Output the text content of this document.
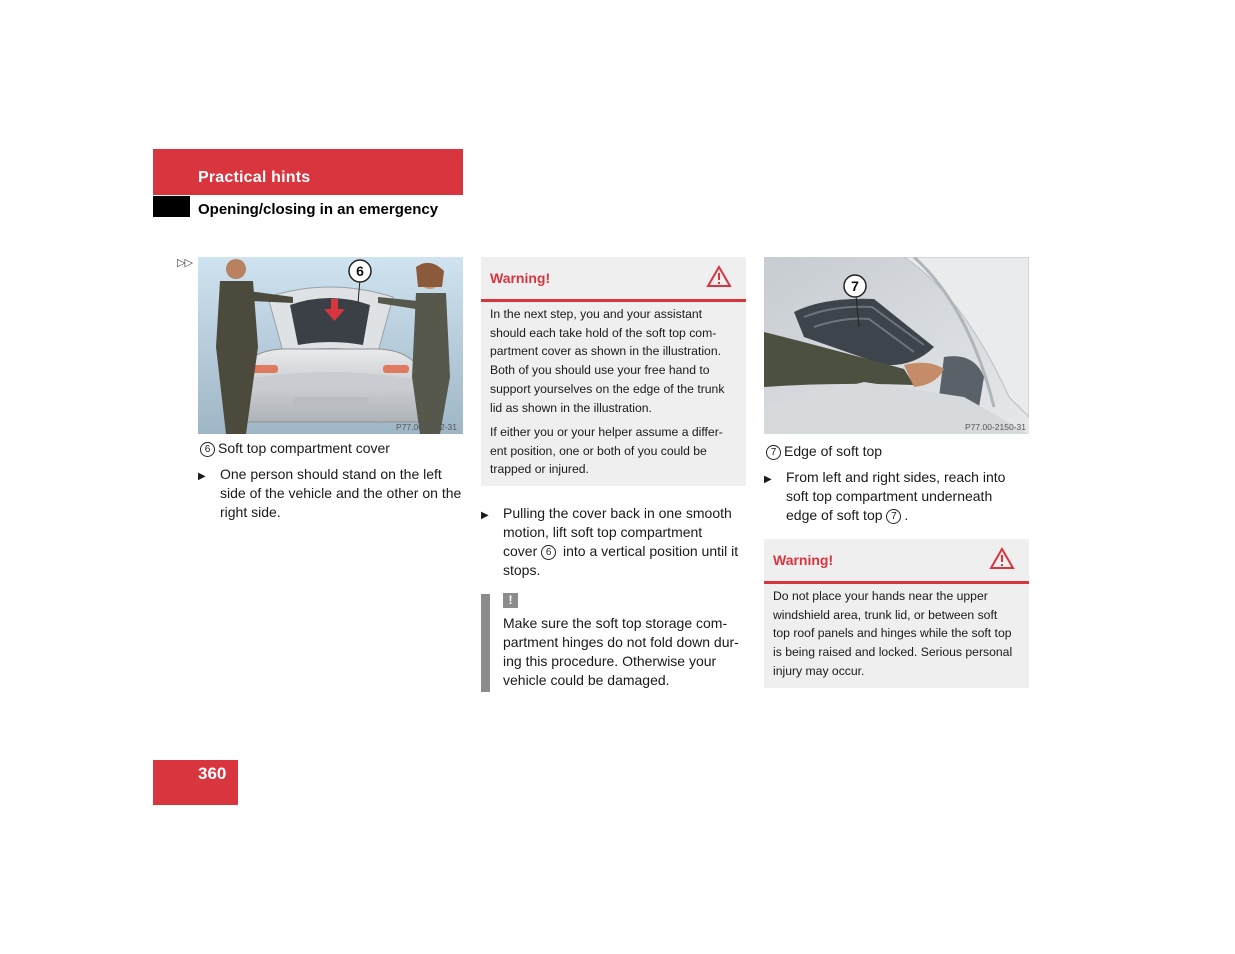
Practical hints
Opening/closing in an emergency
▷▷	6
P77.00-2082-31
6 Soft top compartment cover
▶ One person should stand on the left
side of the vehicle and the other on the
right side.
Warning!
In the next step, you and your assistant
should each take hold of the soft top com-
partment cover as shown in the illustration.
Both of you should use your free hand to
support yourselves on the edge of the trunk
lid as shown in the illustration.
If either you or your helper assume a differ-
ent position, one or both of you could be
trapped or injured.
▶ Pulling the cover back in one smooth
motion, lift soft top compartment
cover 6 into a vertical position until it
stops.
!
Make sure the soft top storage com-
partment hinges do not fold down dur-
ing this procedure. Otherwise your
vehicle could be damaged.
7
P77.00-2150-31
7 Edge of soft top
▶ From left and right sides, reach into
soft top compartment underneath
edge of soft top 7 .
Warning!
Do not place your hands near the upper
windshield area, trunk lid, or between soft
top roof panels and hinges while the soft top
is being raised and locked. Serious personal
injury may occur.
360
